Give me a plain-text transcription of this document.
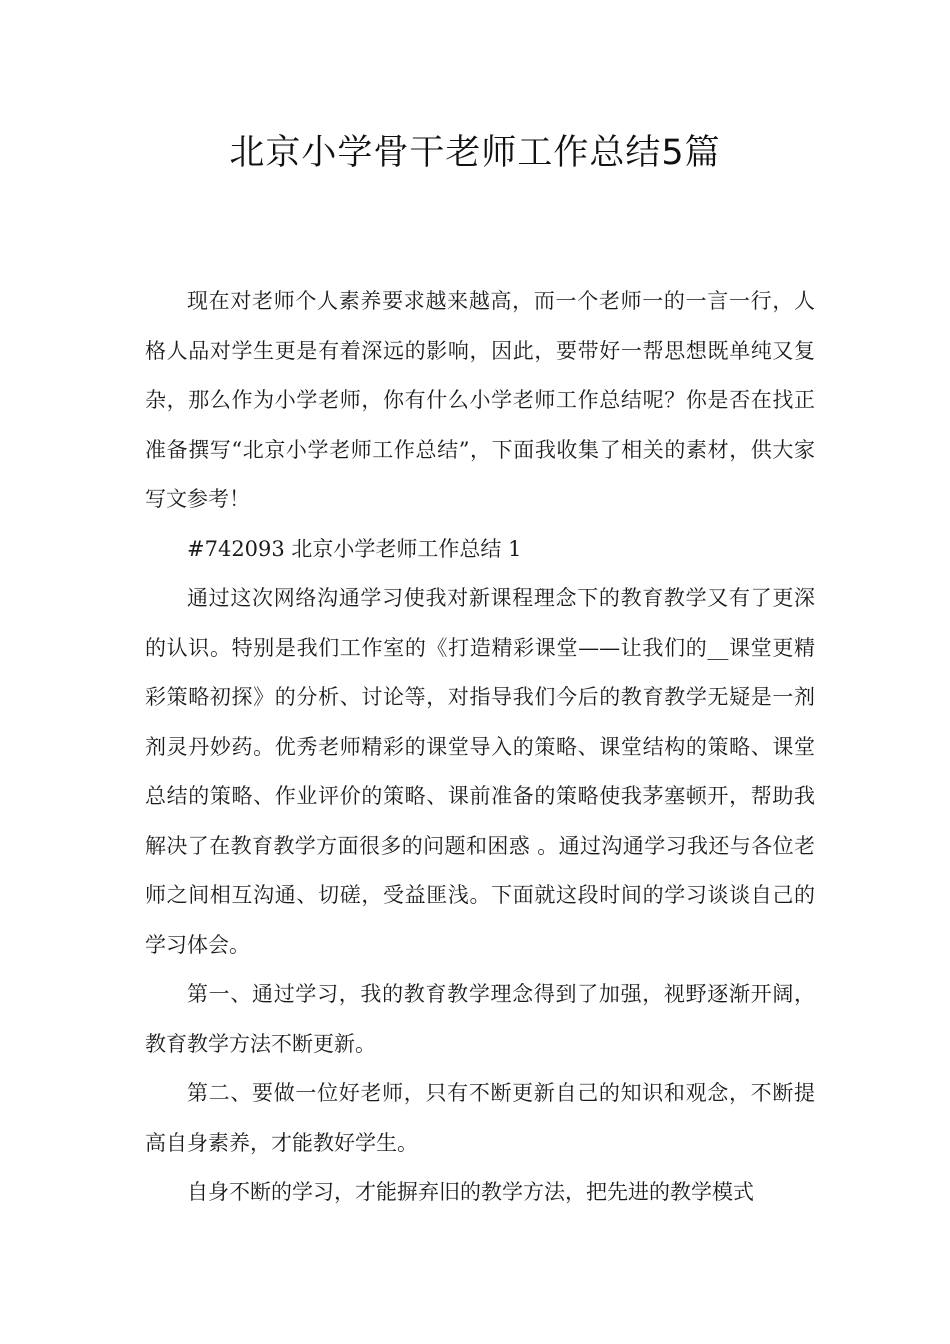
北京小学骨干老师工作总结5篇

现在对老师个人素养要求越来越高，而一个老师一的一言一行，人格人品对学生更是有着深远的影响，因此，要带好一帮思想既单纯又复杂，那么作为小学老师，你有什么小学老师工作总结呢？你是否在找正准备撰写“北京小学老师工作总结”，下面我收集了相关的素材，供大家写文参考！

#742093 北京小学老师工作总结 1

通过这次网络沟通学习使我对新课程理念下的教育教学又有了更深的认识。特别是我们工作室的《打造精彩课堂——让我们的__课堂更精彩策略初探》的分析、讨论等，对指导我们今后的教育教学无疑是一剂剂灵丹妙药。优秀老师精彩的课堂导入的策略、课堂结构的策略、课堂总结的策略、作业评价的策略、课前准备的策略使我茅塞顿开，帮助我解决了在教育教学方面很多的问题和困惑 。通过沟通学习我还与各位老师之间相互沟通、切磋，受益匪浅。下面就这段时间的学习谈谈自己的学习体会。

第一、通过学习，我的教育教学理念得到了加强，视野逐渐开阔，教育教学方法不断更新。

第二、要做一位好老师，只有不断更新自己的知识和观念，不断提高自身素养，才能教好学生。

自身不断的学习，才能摒弃旧的教学方法，把先进的教学模式
